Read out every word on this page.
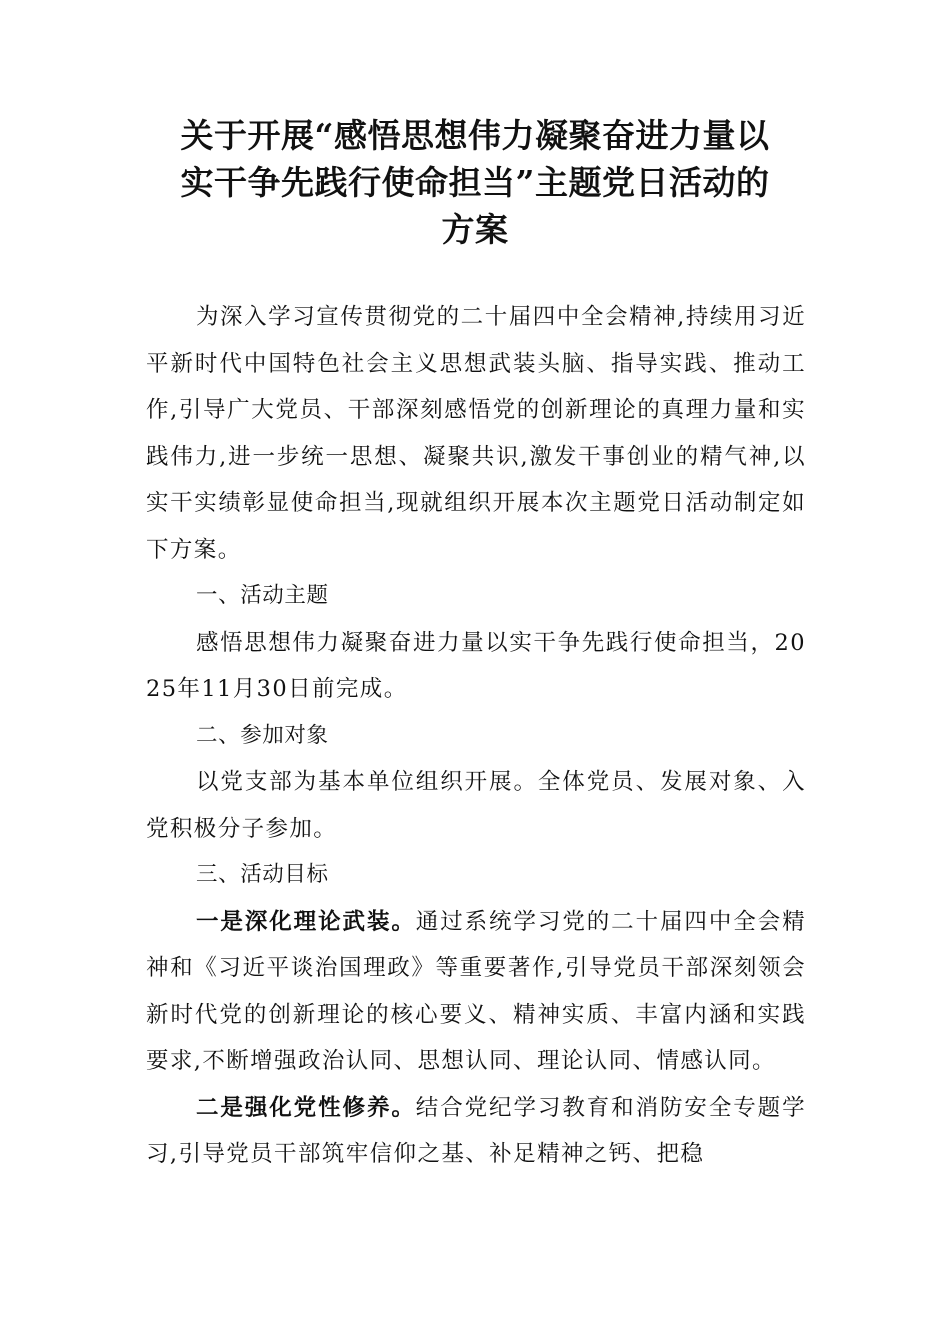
关于开展“感悟思想伟力凝聚奋进力量以
实干争先践行使命担当”主题党日活动的
方案

为深入学习宣传贯彻党的二十届四中全会精神,持续用习近平新时代中国特色社会主义思想武装头脑、指导实践、推动工作,引导广大党员、干部深刻感悟党的创新理论的真理力量和实践伟力,进一步统一思想、凝聚共识,激发干事创业的精气神,以实干实绩彰显使命担当,现就组织开展本次主题党日活动制定如下方案。

一、活动主题

感悟思想伟力凝聚奋进力量以实干争先践行使命担当，2025年11月30日前完成。

二、参加对象

以党支部为基本单位组织开展。全体党员、发展对象、入党积极分子参加。

三、活动目标

一是深化理论武装。通过系统学习党的二十届四中全会精神和《习近平谈治国理政》等重要著作,引导党员干部深刻领会新时代党的创新理论的核心要义、精神实质、丰富内涵和实践要求,不断增强政治认同、思想认同、理论认同、情感认同。

二是强化党性修养。结合党纪学习教育和消防安全专题学习,引导党员干部筑牢信仰之基、补足精神之钙、把稳
